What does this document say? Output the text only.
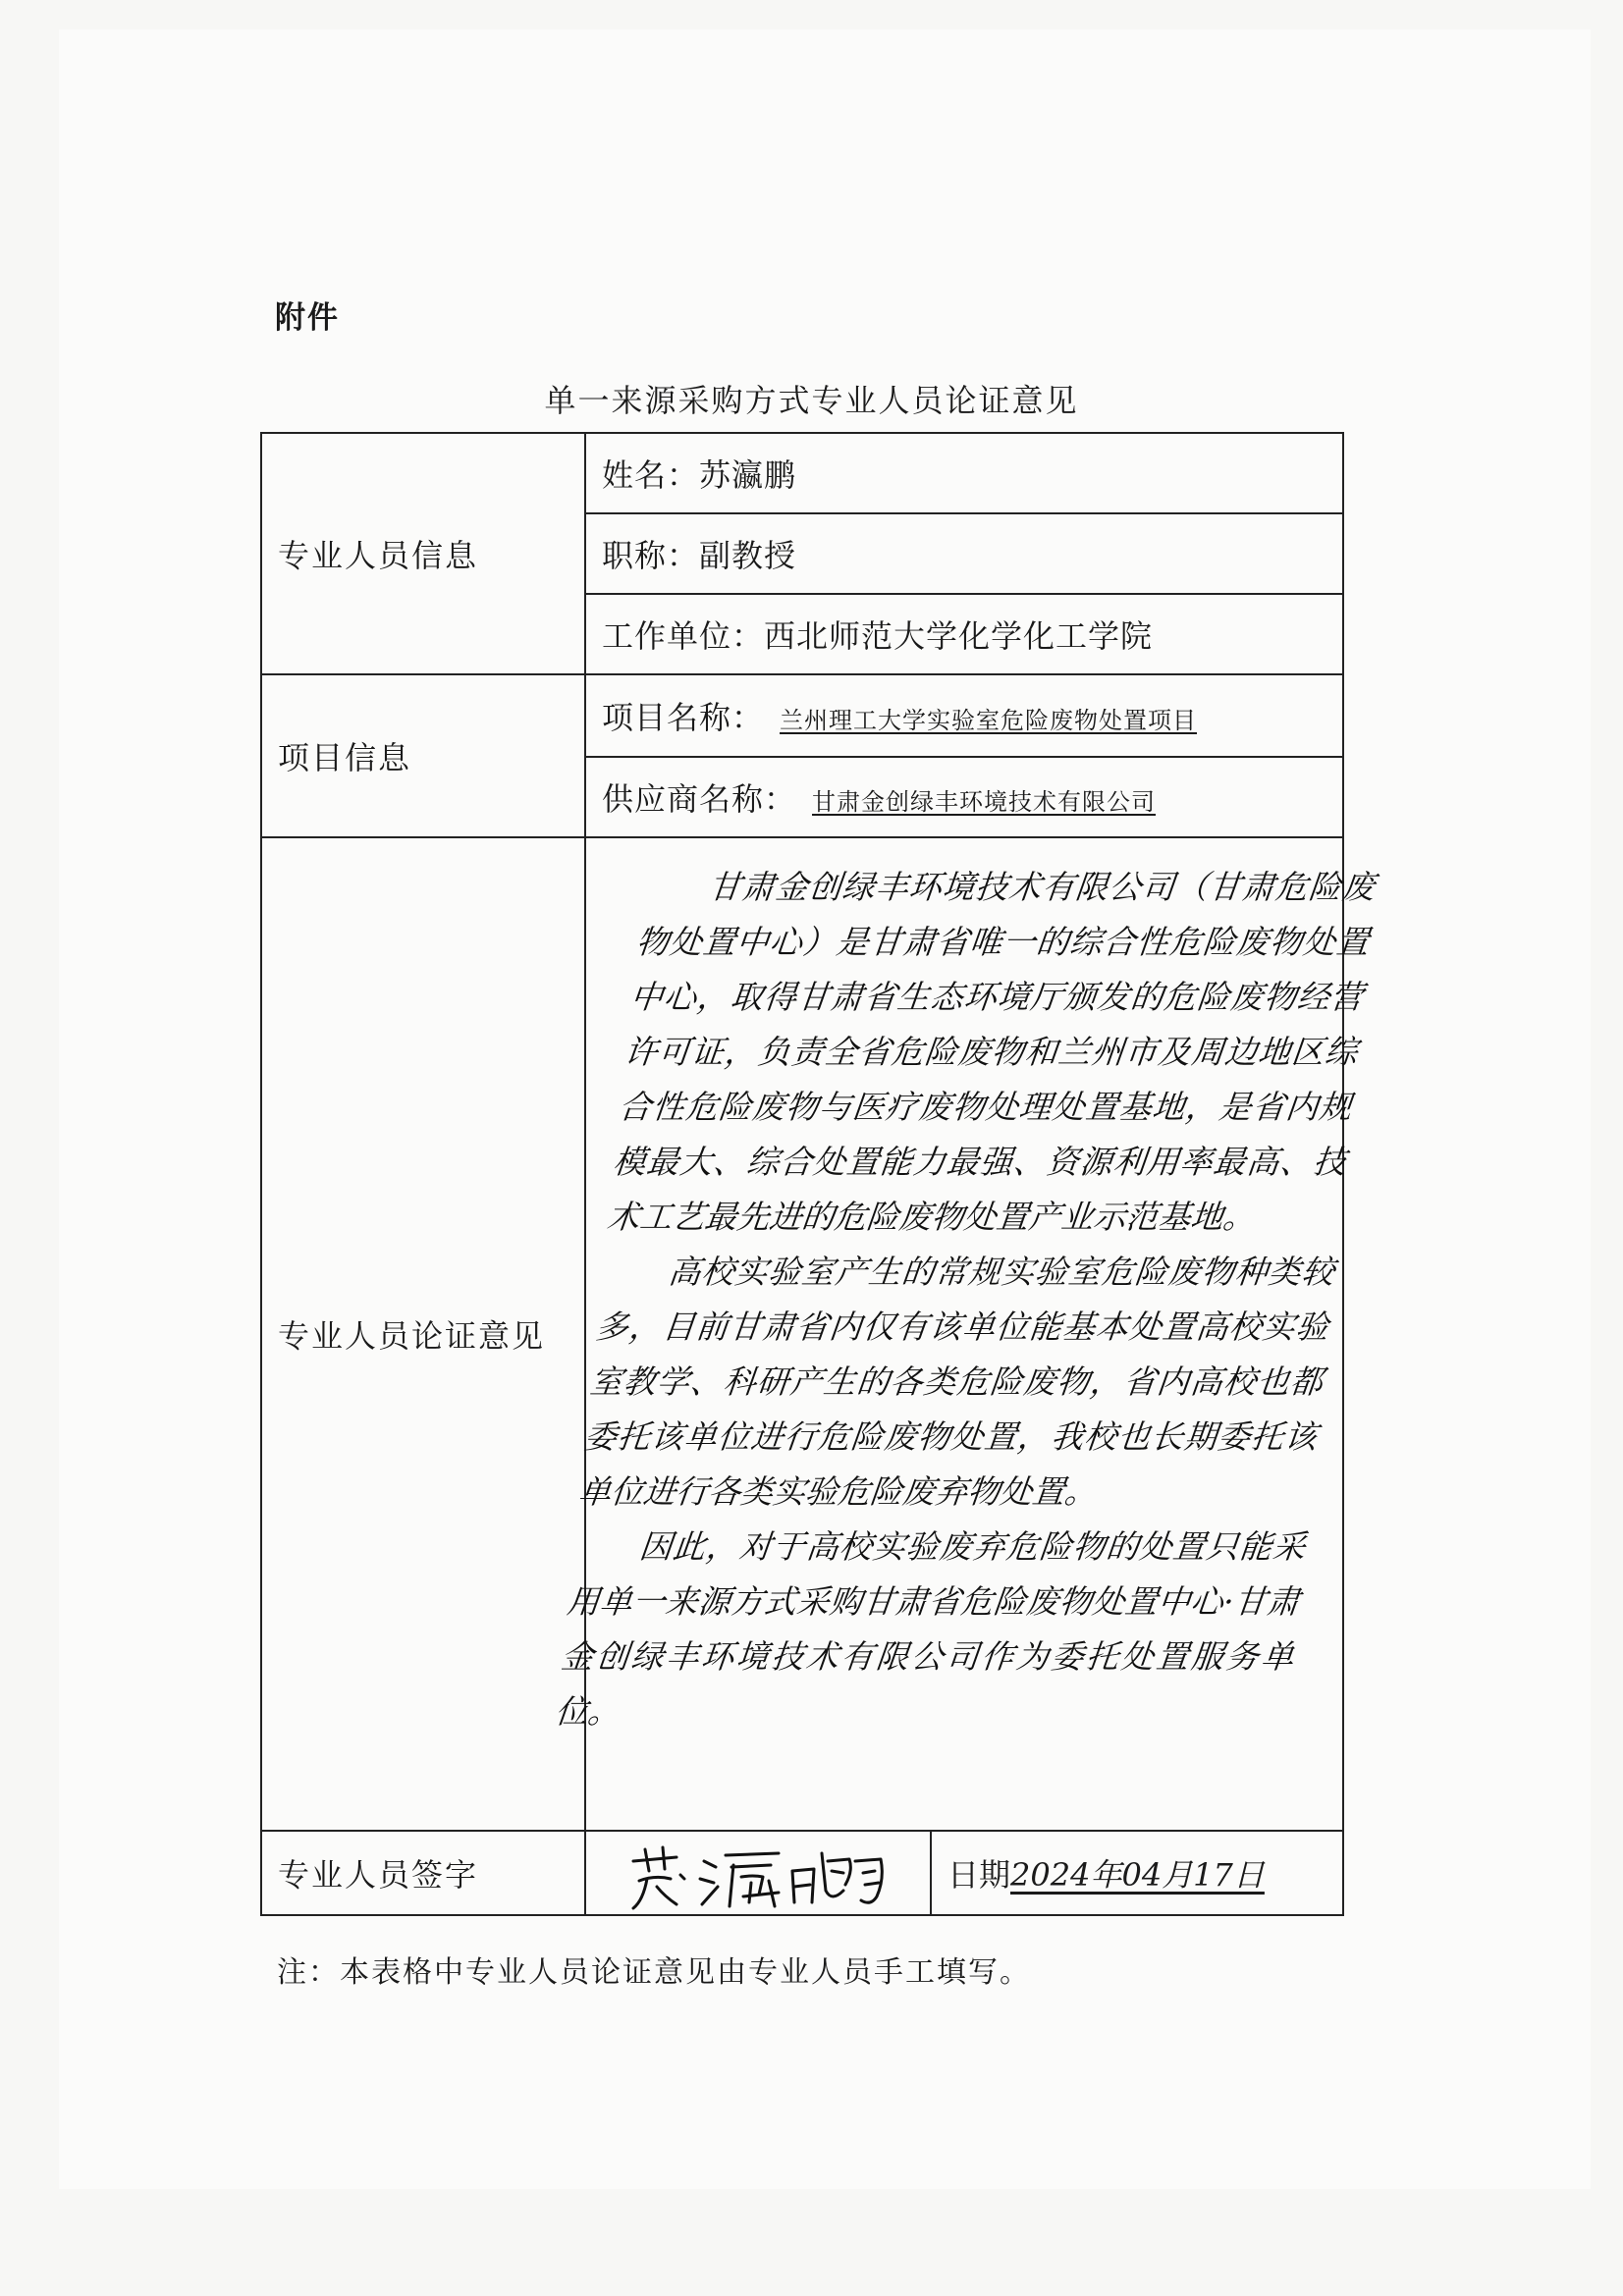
附件
单一来源采购方式专业人员论证意见
专业人员信息	姓名：苏瀛鹏	
	职称：副教授	
	工作单位：西北师范大学化学化工学院	
项目信息	项目名称： 兰州理工大学实验室危险废物处置项目	
	供应商名称： 甘肃金创绿丰环境技术有限公司	
专业人员论证意见	甘肃金创绿丰环境技术有限公司（甘肃危险废物处置中心）是甘肃省唯一的综合性危险废物处置中心，取得甘肃省生态环境厅颁发的危险废物经营许可证，负责全省危险废物和兰州市及周边地区综合性危险废物与医疗废物处理处置基地，是省内规模最大、综合处置能力最强、资源利用率最高、技术工艺最先进的危险废物处置产业示范基地。

高校实验室产生的常规实验室危险废物种类较多，目前甘肃省内仅有该单位能基本处置高校实验室教学、科研产生的各类危险废物，省内高校也都委托该单位进行危险废物处置，我校也长期委托该单位进行各类实验危险废弃物处置。

因此，对于高校实验废弃危险物的处置只能采用单一来源方式采购甘肃省危险废物处置中心·甘肃金创绿丰环境技术有限公司作为委托处置服务单位。	

专业人员签字		日期2024年04月17日
注：本表格中专业人员论证意见由专业人员手工填写。
